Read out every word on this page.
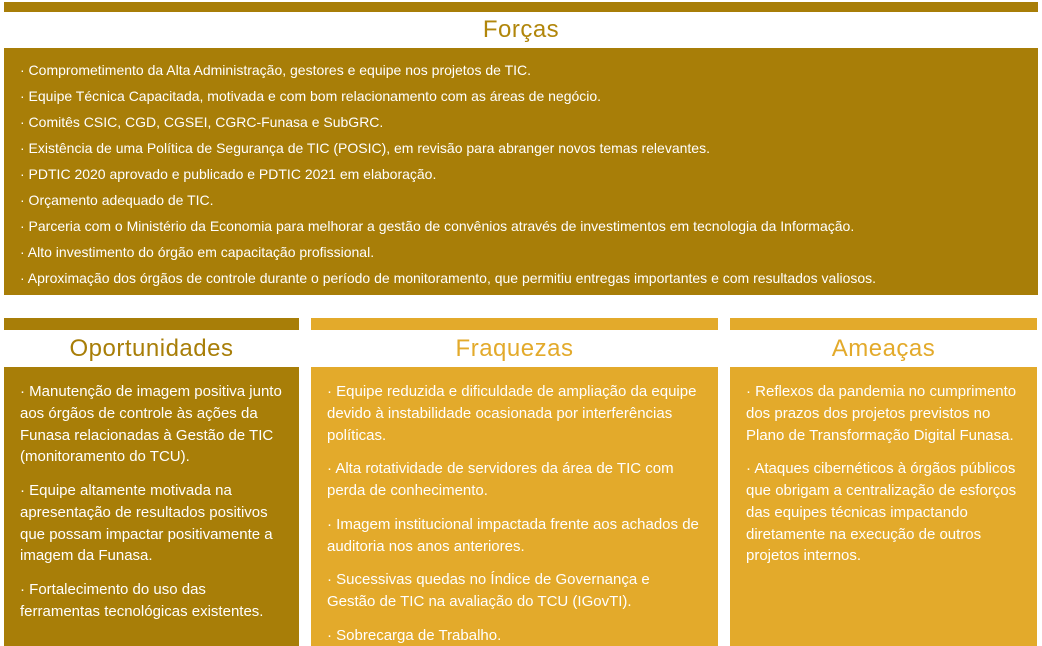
Forças
· Comprometimento da Alta Administração, gestores e equipe nos projetos de TIC.
· Equipe Técnica Capacitada, motivada e com bom relacionamento com as áreas de negócio.
· Comitês CSIC, CGD, CGSEI, CGRC-Funasa e SubGRC.
· Existência de uma Política de Segurança de TIC (POSIC), em revisão para abranger novos temas relevantes.
· PDTIC 2020 aprovado e publicado e PDTIC 2021 em elaboração.
· Orçamento adequado de TIC.
· Parceria com o Ministério da Economia para melhorar a gestão de convênios através de investimentos em tecnologia da Informação.
· Alto investimento do órgão em capacitação profissional.
· Aproximação dos órgãos de controle durante o período de monitoramento, que permitiu entregas importantes e com resultados valiosos.
Oportunidades

· Manutenção de imagem positiva junto aos órgãos de controle às ações da Funasa relacionadas à Gestão de TIC (monitoramento do TCU).

· Equipe altamente motivada na apresentação de resultados positivos que possam impactar positivamente a imagem da Funasa.

· Fortalecimento do uso das ferramentas tecnológicas existentes.

Fraquezas

· Equipe reduzida e dificuldade de ampliação da equipe devido à instabilidade ocasionada por interferências políticas.

· Alta rotatividade de servidores da área de TIC com perda de conhecimento.

· Imagem institucional impactada frente aos achados de auditoria nos anos anteriores.

· Sucessivas quedas no Índice de Governança e Gestão de TIC na avaliação do TCU (IGovTI).

· Sobrecarga de Trabalho.

Ameaças

· Reflexos da pandemia no cumprimento dos prazos dos projetos previstos no Plano de Transformação Digital Funasa.

· Ataques cibernéticos à órgãos públicos que obrigam a centralização de esforços das equipes técnicas impactando diretamente na execução de outros projetos internos.
